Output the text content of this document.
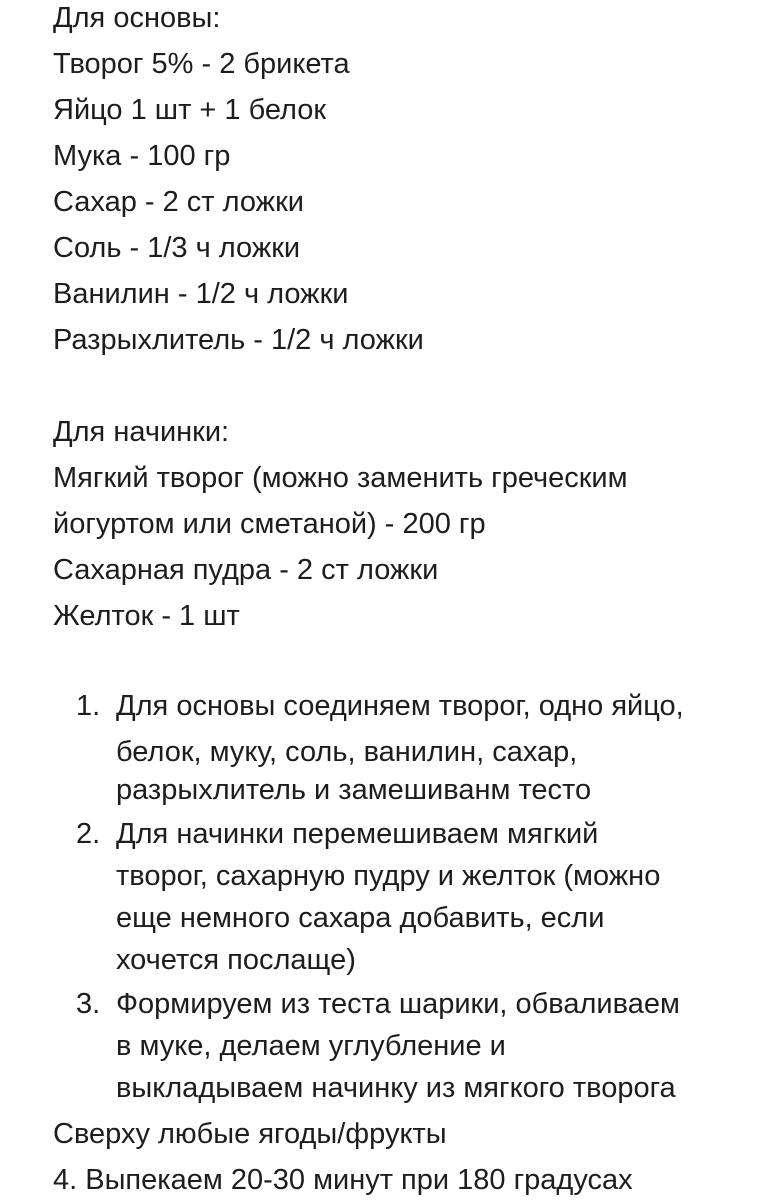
Для основы:
Творог 5% - 2 брикета
Яйцо 1 шт + 1 белок
Мука - 100 гр
Сахар - 2 ст ложки
Соль - 1/3 ч ложки
Ванилин - 1/2 ч ложки
Разрыхлитель - 1/2 ч ложки
Для начинки:
Мягкий творог (можно заменить греческим
йогуртом или сметаной) - 200 гр
Сахарная пудра - 2 ст ложки
Желток - 1 шт
1. Для основы соединяем творог, одно яйцо,
белок, муку, соль, ванилин, сахар,
разрыхлитель и замешиванм тесто
2. Для начинки перемешиваем мягкий
творог, сахарную пудру и желток (можно
еще немного сахара добавить, если
хочется послаще)
3. Формируем из теста шарики, обваливаем
в муке, делаем углубление и
выкладываем начинку из мягкого творога
Сверху любые ягоды/фрукты
4. Выпекаем 20-30 минут при 180 градусах
